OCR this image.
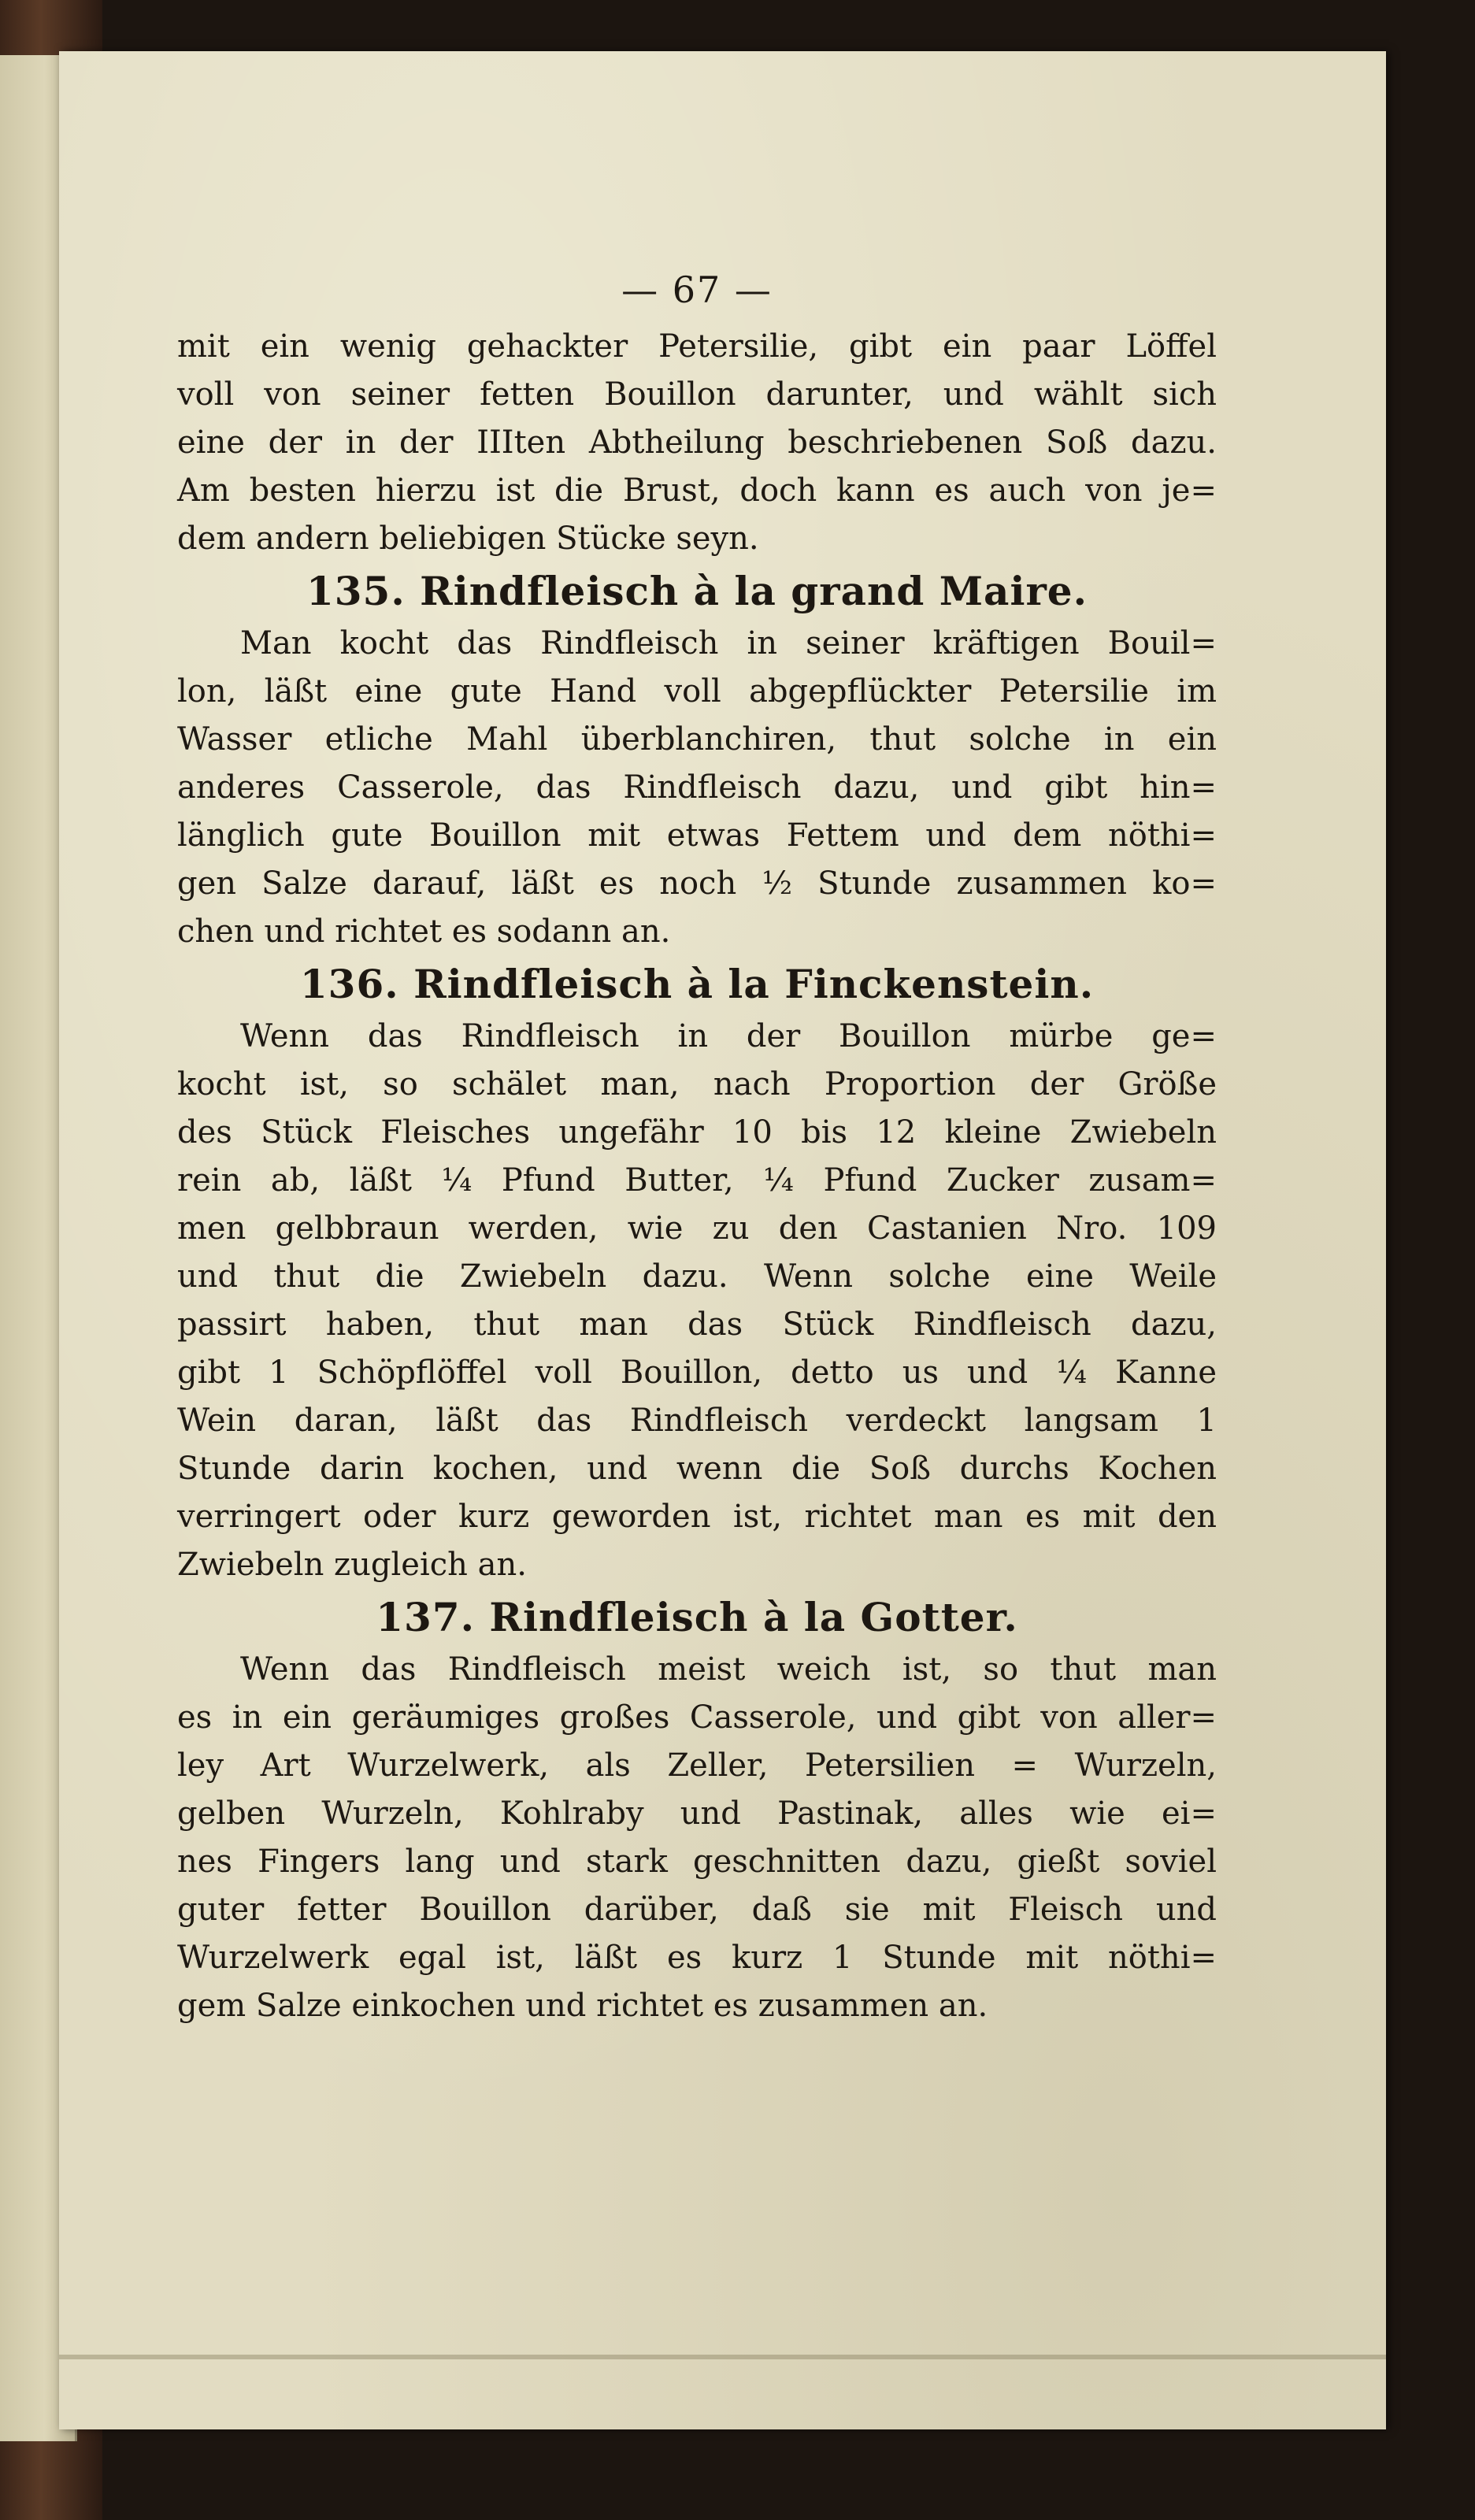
— 67 —
mit ein wenig gehackter Petersilie, gibt ein paar Löffel
voll von seiner fetten Bouillon darunter, und wählt sich
eine der in der IIIten Abtheilung beschriebenen Soß dazu.
Am besten hierzu ist die Brust, doch kann es auch von je=
dem andern beliebigen Stücke seyn.
135. Rindfleisch à la grand Maire.
Man kocht das Rindfleisch in seiner kräftigen Bouil=
lon, läßt eine gute Hand voll abgepflückter Petersilie im
Wasser etliche Mahl überblanchiren, thut solche in ein
anderes Casserole, das Rindfleisch dazu, und gibt hin=
länglich gute Bouillon mit etwas Fettem und dem nöthi=
gen Salze darauf, läßt es noch ½ Stunde zusammen ko=
chen und richtet es sodann an.
136. Rindfleisch à la Finckenstein.
Wenn das Rindfleisch in der Bouillon mürbe ge=
kocht ist, so schälet man, nach Proportion der Größe
des Stück Fleisches ungefähr 10 bis 12 kleine Zwiebeln
rein ab, läßt ¼ Pfund Butter, ¼ Pfund Zucker zusam=
men gelbbraun werden, wie zu den Castanien Nro. 109
und thut die Zwiebeln dazu. Wenn solche eine Weile
passirt haben, thut man das Stück Rindfleisch dazu,
gibt 1 Schöpflöffel voll Bouillon, detto us und ¼ Kanne
Wein daran, läßt das Rindfleisch verdeckt langsam 1
Stunde darin kochen, und wenn die Soß durchs Kochen
verringert oder kurz geworden ist, richtet man es mit den
Zwiebeln zugleich an.
137. Rindfleisch à la Gotter.
Wenn das Rindfleisch meist weich ist, so thut man
es in ein geräumiges großes Casserole, und gibt von aller=
ley Art Wurzelwerk, als Zeller, Petersilien = Wurzeln,
gelben Wurzeln, Kohlraby und Pastinak, alles wie ei=
nes Fingers lang und stark geschnitten dazu, gießt soviel
guter fetter Bouillon darüber, daß sie mit Fleisch und
Wurzelwerk egal ist, läßt es kurz 1 Stunde mit nöthi=
gem Salze einkochen und richtet es zusammen an.
